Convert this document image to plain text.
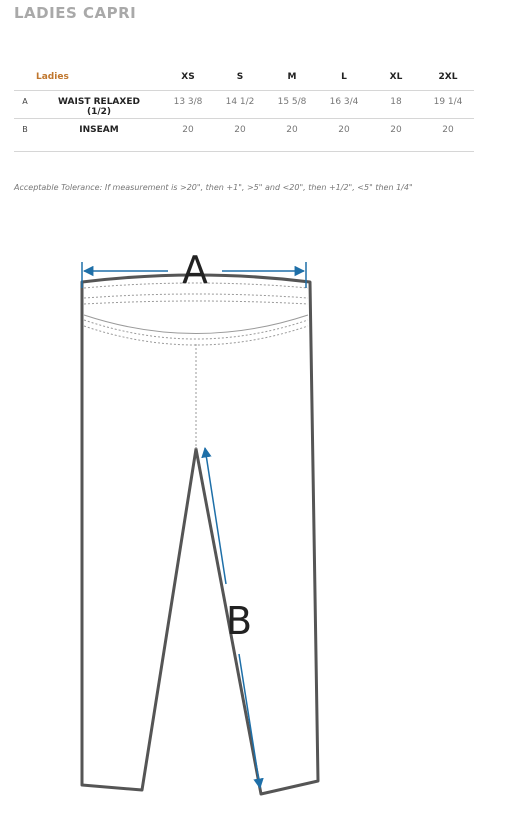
LADIES CAPRI
	Ladies	XS	S	M	L	XL	2XL
A	WAIST RELAXED
(1/2)	13 3/8	14 1/2	15 5/8	16 3/4	18	19 1/4
B	INSEAM	20	20	20	20	20	20
Acceptable Tolerance: If measurement is >20", then +1", >5" and <20", then +1/2", <5" then 1/4"
A
B
